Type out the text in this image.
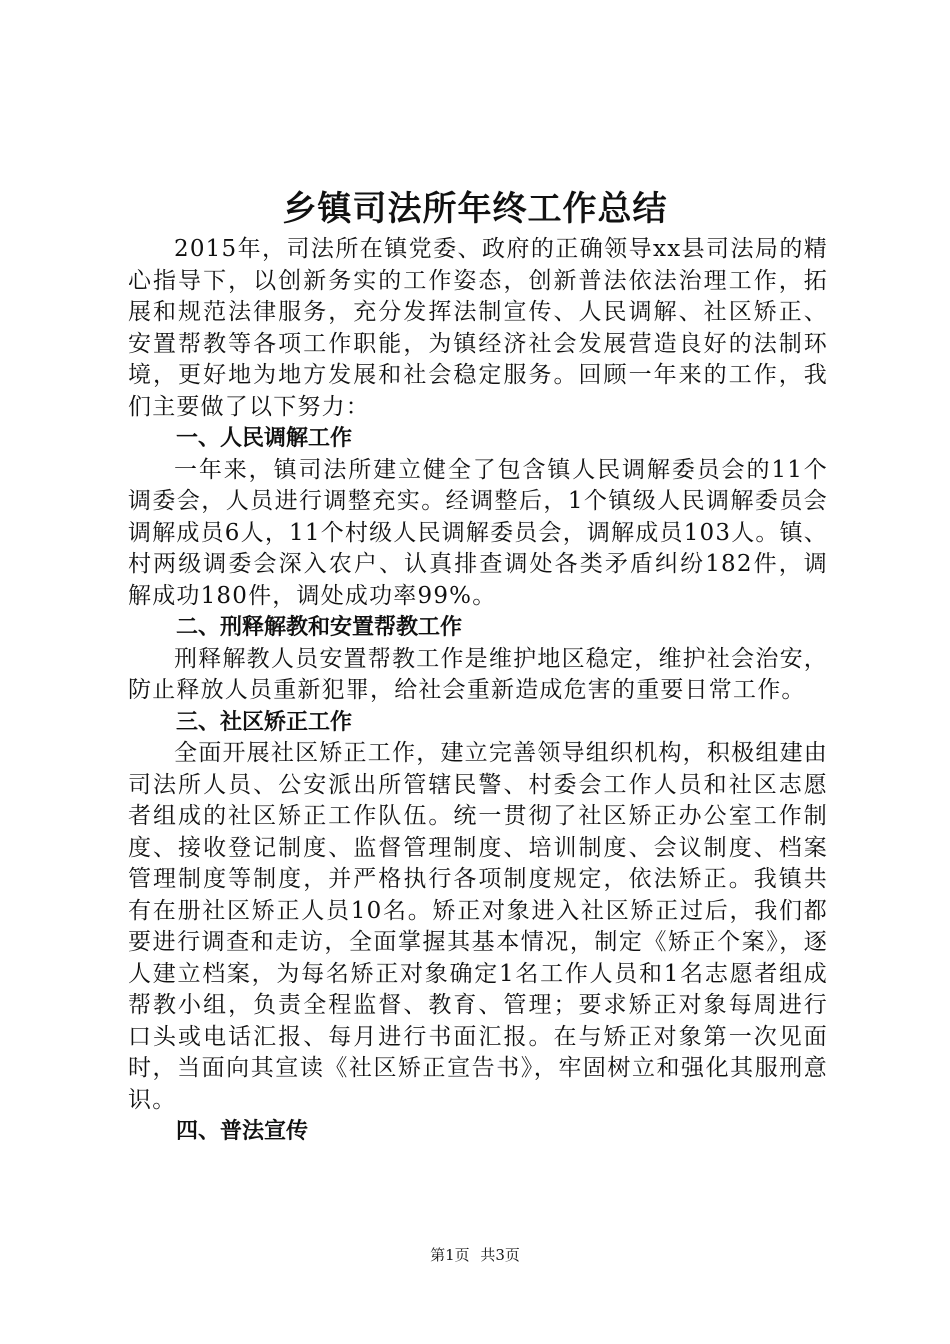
乡镇司法所年终工作总结

2015年，司法所在镇党委、政府的正确领导xx县司法局的精心指导下，以创新务实的工作姿态，创新普法依法治理工作，拓展和规范法律服务，充分发挥法制宣传、人民调解、社区矫正、安置帮教等各项工作职能，为镇经济社会发展营造良好的法制环境，更好地为地方发展和社会稳定服务。回顾一年来的工作，我们主要做了以下努力：

一、人民调解工作

一年来，镇司法所建立健全了包含镇人民调解委员会的11个调委会，人员进行调整充实。经调整后，1个镇级人民调解委员会调解成员6人，11个村级人民调解委员会，调解成员103人。镇、村两级调委会深入农户、认真排查调处各类矛盾纠纷182件，调解成功180件，调处成功率99%。

二、刑释解教和安置帮教工作

刑释解教人员安置帮教工作是维护地区稳定，维护社会治安，防止释放人员重新犯罪，给社会重新造成危害的重要日常工作。

三、社区矫正工作

全面开展社区矫正工作，建立完善领导组织机构，积极组建由司法所人员、公安派出所管辖民警、村委会工作人员和社区志愿者组成的社区矫正工作队伍。统一贯彻了社区矫正办公室工作制度、接收登记制度、监督管理制度、培训制度、会议制度、档案管理制度等制度，并严格执行各项制度规定，依法矫正。我镇共有在册社区矫正人员10名。矫正对象进入社区矫正过后，我们都要进行调查和走访，全面掌握其基本情况，制定《矫正个案》，逐人建立档案，为每名矫正对象确定1名工作人员和1名志愿者组成帮教小组，负责全程监督、教育、管理；要求矫正对象每周进行口头或电话汇报、每月进行书面汇报。在与矫正对象第一次见面时，当面向其宣读《社区矫正宣告书》，牢固树立和强化其服刑意识。

四、普法宣传

第1页 共3页
